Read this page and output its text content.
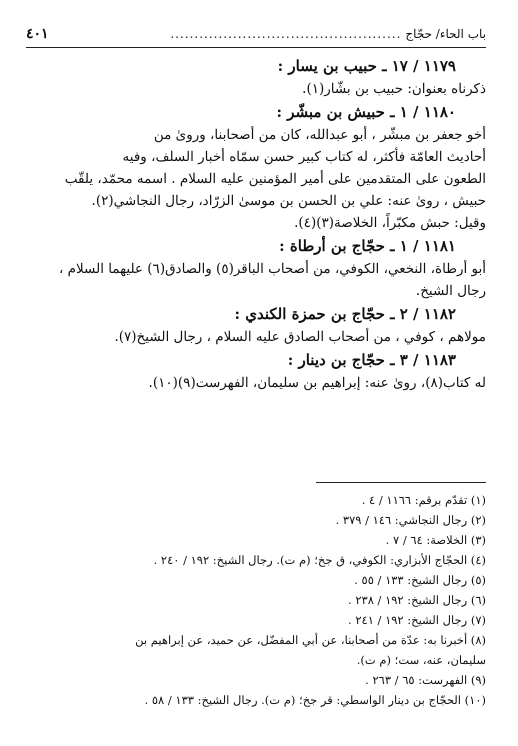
باب الحاء/ حجّاج
................................................
٤٠١
١١٧٩ / ١٧ ـ حبيب بن يسار :
ذكرناه بعنوان: حبيب بن بشّار(١).
١١٨٠ / ١ ـ حبيش بن مبشّر :
أخو جعفر بن مبشّر ، أبو عبدالله، كان من أصحابنا، وروىٰ من
أحاديث العامّة فأكثر، له كتاب كبير حسن سمّاه أخبار السلف، وفيه
الطعون على المتقدمين على أمير المؤمنين عليه السلام . اسمه محمّد، يلقّب
حبيش ، روىٰ عنه: علي بن الحسن بن موسىٰ الزرّاد، رجال النجاشي(٢).
وقيل: حبش مكبّراً، الخلاصة(٣)(٤).
١١٨١ / ١ ـ حجّاج بن أرطاة :
أبو أرطاة، النخعي، الكوفي، من أصحاب الباقر(٥) والصادق(٦) عليهما السلام ،
رجال الشيخ.
١١٨٢ / ٢ ـ حجّاج بن حمزة الكندي :
مولاهم ، كوفي ، من أصحاب الصادق عليه السلام ، رجال الشيخ(٧).
١١٨٣ / ٣ ـ حجّاج بن دينار :
له كتاب(٨)، روىٰ عنه: إبراهيم بن سليمان، الفهرست(٩)(١٠).
(١) تقدّم برقم: ١١٦٦ / ٤ .
(٢) رجال النجاشي: ١٤٦ / ٣٧٩ .
(٣) الخلاصة: ٦٤ / ٧ .
(٤) الحجّاج الأبزاري: الكوفي، ق جخ؛ (م ت). رجال الشيخ: ١٩٢ / ٢٤٠ .
(٥) رجال الشيخ: ١٣٣ / ٥٥ .
(٦) رجال الشيخ: ١٩٢ / ٢٣٨ .
(٧) رجال الشيخ: ١٩٢ / ٢٤١ .
(٨) أخبرنا به: عدّة من أصحابنا، عن أبي المفضّل، عن حميد، عن إبراهيم بن
سليمان، عنه، ست؛ (م ت).
(٩) الفهرست: ٦٥ / ٢٦٣ .
(١٠) الحجّاج بن دينار الواسطي: قر جخ؛ (م ت). رجال الشيخ: ١٣٣ / ٥٨ .
